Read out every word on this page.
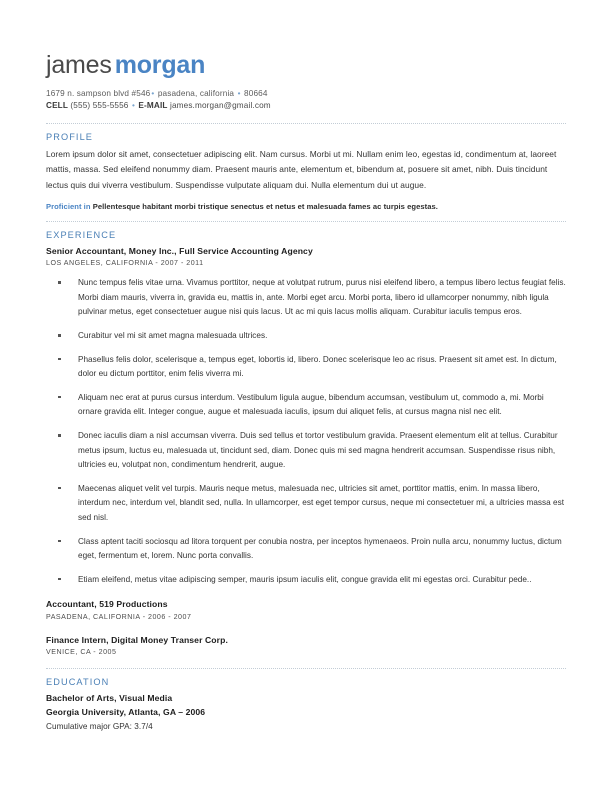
james morgan
1679 n. sampson blvd #546• pasadena, california • 80664
CELL (555) 555-5556 • E-MAIL james.morgan@gmail.com
PROFILE

Lorem ipsum dolor sit amet, consectetuer adipiscing elit. Nam cursus. Morbi ut mi. Nullam enim leo, egestas id, condimentum at, laoreet mattis, massa. Sed eleifend nonummy diam. Praesent mauris ante, elementum et, bibendum at, posuere sit amet, nibh. Duis tincidunt lectus quis dui viverra vestibulum. Suspendisse vulputate aliquam dui. Nulla elementum dui ut augue.

Proficient in Pellentesque habitant morbi tristique senectus et netus et malesuada fames ac turpis egestas.
EXPERIENCE
Senior Accountant, Money Inc., Full Service Accounting Agency
LOS ANGELES, CALIFORNIA - 2007 - 2011
Nunc tempus felis vitae urna. Vivamus porttitor, neque at volutpat rutrum, purus nisi eleifend libero, a tempus libero lectus feugiat felis. Morbi diam mauris, viverra in, gravida eu, mattis in, ante. Morbi eget arcu. Morbi porta, libero id ullamcorper nonummy, nibh ligula pulvinar metus, eget consectetuer augue nisi quis lacus. Ut ac mi quis lacus mollis aliquam. Curabitur iaculis tempus eros.
Curabitur vel mi sit amet magna malesuada ultrices.
Phasellus felis dolor, scelerisque a, tempus eget, lobortis id, libero. Donec scelerisque leo ac risus. Praesent sit amet est. In dictum, dolor eu dictum porttitor, enim felis viverra mi.
Aliquam nec erat at purus cursus interdum. Vestibulum ligula augue, bibendum accumsan, vestibulum ut, commodo a, mi. Morbi ornare gravida elit. Integer congue, augue et malesuada iaculis, ipsum dui aliquet felis, at cursus magna nisl nec elit.
Donec iaculis diam a nisl accumsan viverra. Duis sed tellus et tortor vestibulum gravida. Praesent elementum elit at tellus. Curabitur metus ipsum, luctus eu, malesuada ut, tincidunt sed, diam. Donec quis mi sed magna hendrerit accumsan. Suspendisse risus nibh, ultricies eu, volutpat non, condimentum hendrerit, augue.
Maecenas aliquet velit vel turpis. Mauris neque metus, malesuada nec, ultricies sit amet, porttitor mattis, enim. In massa libero, interdum nec, interdum vel, blandit sed, nulla. In ullamcorper, est eget tempor cursus, neque mi consectetuer mi, a ultricies massa est sed nisl.
Class aptent taciti sociosqu ad litora torquent per conubia nostra, per inceptos hymenaeos. Proin nulla arcu, nonummy luctus, dictum eget, fermentum et, lorem. Nunc porta convallis.
Etiam eleifend, metus vitae adipiscing semper, mauris ipsum iaculis elit, congue gravida elit mi egestas orci. Curabitur pede..
Accountant, 519 Productions
PASADENA, CALIFORNIA - 2006 - 2007
Finance Intern, Digital Money Transer Corp.
VENICE, CA - 2005
EDUCATION
Bachelor of Arts, Visual Media
Georgia University, Atlanta, GA – 2006
Cumulative major GPA: 3.7/4
